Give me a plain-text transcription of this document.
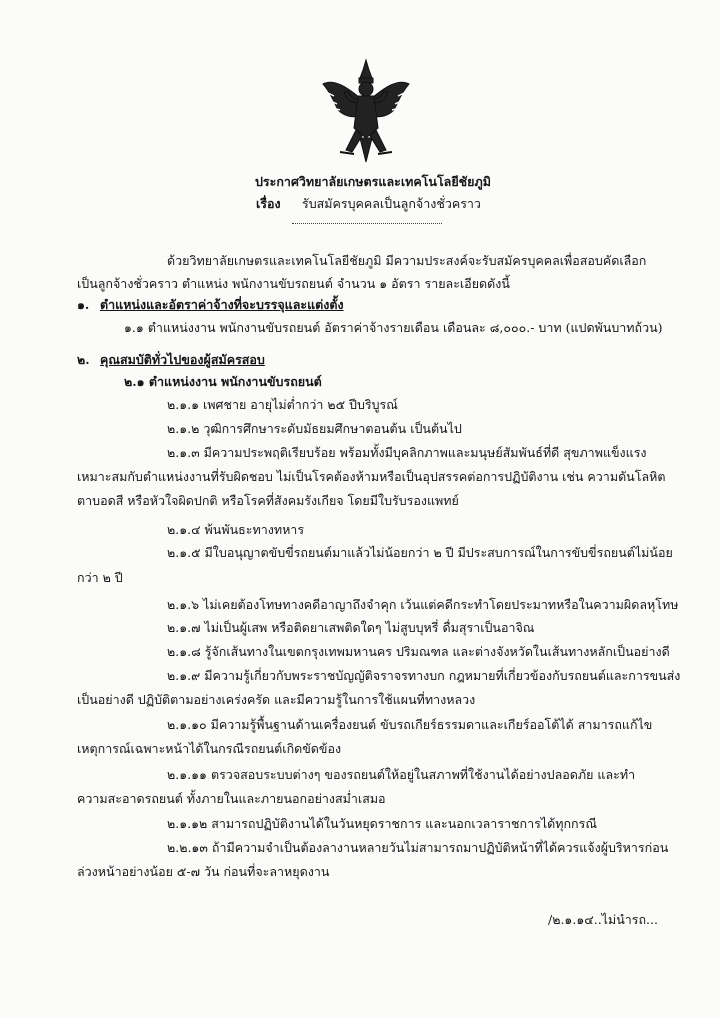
ประกาศวิทยาลัยเกษตรและเทคโนโลยีชัยภูมิ
เรื่อง รับสมัครบุคคลเป็นลูกจ้างชั่วคราว
ด้วยวิทยาลัยเกษตรและเทคโนโลยีชัยภูมิ มีความประสงค์จะรับสมัครบุคคลเพื่อสอบคัดเลือก
เป็นลูกจ้างชั่วคราว ตำแหน่ง พนักงานขับรถยนต์ จำนวน ๑ อัตรา รายละเอียดดังนี้
๑. ตำแหน่งและอัตราค่าจ้างที่จะบรรจุและแต่งตั้ง
๑.๑ ตำแหน่งงาน พนักงานขับรถยนต์ อัตราค่าจ้างรายเดือน เดือนละ ๘,๐๐๐.- บาท (แปดพันบาทถ้วน)
๒. คุณสมบัติทั่วไปของผู้สมัครสอบ
๒.๑ ตำแหน่งงาน พนักงานขับรถยนต์
๒.๑.๑ เพศชาย อายุไม่ต่ำกว่า ๒๕ ปีบริบูรณ์
๒.๑.๒ วุฒิการศึกษาระดับมัธยมศึกษาตอนต้น เป็นต้นไป
๒.๑.๓ มีความประพฤติเรียบร้อย พร้อมทั้งมีบุคลิกภาพและมนุษย์สัมพันธ์ที่ดี สุขภาพแข็งแรง
เหมาะสมกับตำแหน่งงานที่รับผิดชอบ ไม่เป็นโรคต้องห้ามหรือเป็นอุปสรรคต่อการปฏิบัติงาน เช่น ความดันโลหิต
ตาบอดสี หรือหัวใจผิดปกติ หรือโรคที่สังคมรังเกียจ โดยมีใบรับรองแพทย์
๒.๑.๔ พ้นพันธะทางทหาร
๒.๑.๕ มีใบอนุญาตขับขี่รถยนต์มาแล้วไม่น้อยกว่า ๒ ปี มีประสบการณ์ในการขับขี่รถยนต์ไม่น้อย
กว่า ๒ ปี
๒.๑.๖ ไม่เคยต้องโทษทางคดีอาญาถึงจำคุก เว้นแต่คดีกระทำโดยประมาทหรือในความผิดลหุโทษ
๒.๑.๗ ไม่เป็นผู้เสพ หรือติดยาเสพติดใดๆ ไม่สูบบุหรี่ ดื่มสุราเป็นอาจิณ
๒.๑.๘ รู้จักเส้นทางในเขตกรุงเทพมหานคร ปริมณฑล และต่างจังหวัดในเส้นทางหลักเป็นอย่างดี
๒.๑.๙ มีความรู้เกี่ยวกับพระราชบัญญัติจราจรทางบก กฎหมายที่เกี่ยวข้องกับรถยนต์และการขนส่ง
เป็นอย่างดี ปฏิบัติตามอย่างเคร่งครัด และมีความรู้ในการใช้แผนที่ทางหลวง
๒.๑.๑๐ มีความรู้พื้นฐานด้านเครื่องยนต์ ขับรถเกียร์ธรรมดาและเกียร์ออโต้ได้ สามารถแก้ไข
เหตุการณ์เฉพาะหน้าได้ในกรณีรถยนต์เกิดขัดข้อง
๒.๑.๑๑ ตรวจสอบระบบต่างๆ ของรถยนต์ให้อยู่ในสภาพที่ใช้งานได้อย่างปลอดภัย และทำ
ความสะอาดรถยนต์ ทั้งภายในและภายนอกอย่างสม่ำเสมอ
๒.๑.๑๒ สามารถปฏิบัติงานได้ในวันหยุดราชการ และนอกเวลาราชการได้ทุกกรณี
๒.๒.๑๓ ถ้ามีความจำเป็นต้องลางานหลายวันไม่สามารถมาปฏิบัติหน้าที่ได้ควรแจ้งผู้บริหารก่อน
ล่วงหน้าอย่างน้อย ๕-๗ วัน ก่อนที่จะลาหยุดงาน
/๒.๑.๑๔..ไม่นำรถ...
